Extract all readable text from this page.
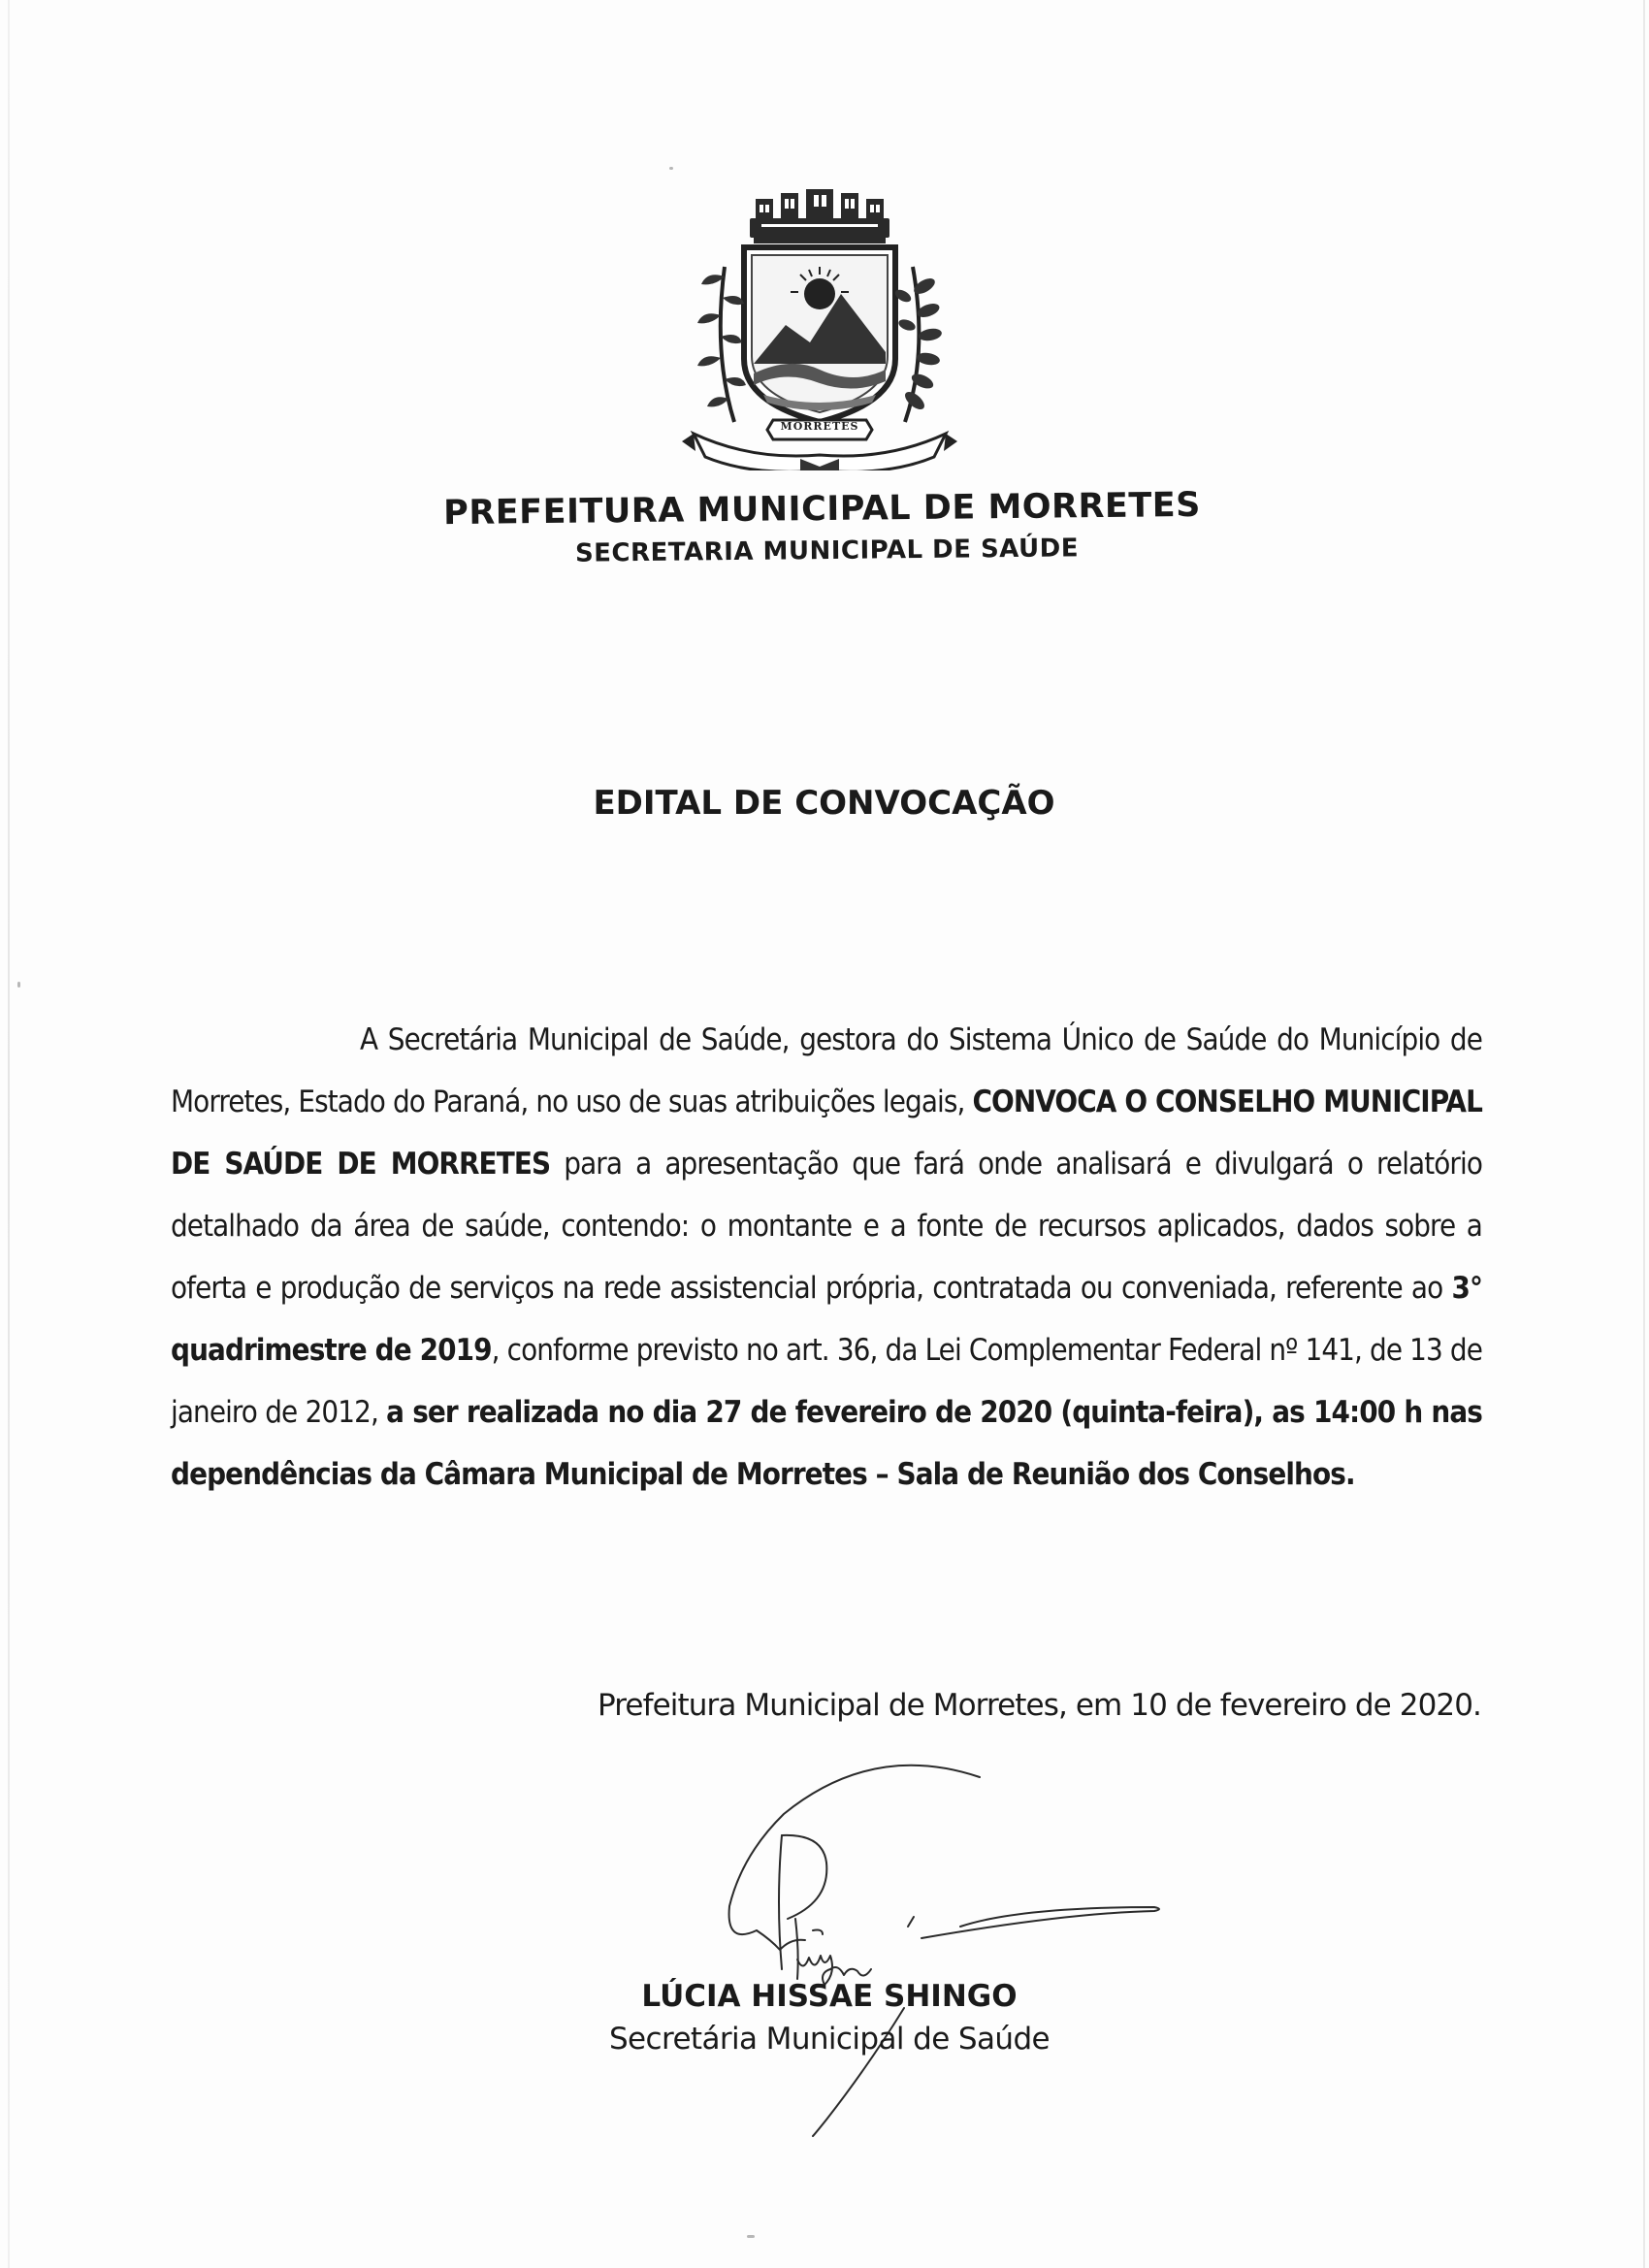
MORRETES
PREFEITURA MUNICIPAL DE MORRETES
SECRETARIA MUNICIPAL DE SAÚDE
EDITAL DE CONVOCAÇÃO
A Secretária Municipal de Saúde, gestora do Sistema Único de Saúde do Município de Morretes, Estado do Paraná, no uso de suas atribuições legais, CONVOCA O CONSELHO MUNICIPAL DE SAÚDE DE MORRETES para a apresentação que fará onde analisará e divulgará o relatório detalhado da área de saúde, contendo: o montante e a fonte de recursos aplicados, dados sobre a oferta e produção de serviços na rede assistencial própria, contratada ou conveniada, referente ao 3° quadrimestre de 2019, conforme previsto no art. 36, da Lei Complementar Federal nº 141, de 13 de janeiro de 2012, a ser realizada no dia 27 de fevereiro de 2020 (quinta-feira), as 14:00 h nas dependências da Câmara Municipal de Morretes – Sala de Reunião dos Conselhos.
Prefeitura Municipal de Morretes, em 10 de fevereiro de 2020.
LÚCIA HISSAE SHINGO
Secretária Municipal de Saúde
